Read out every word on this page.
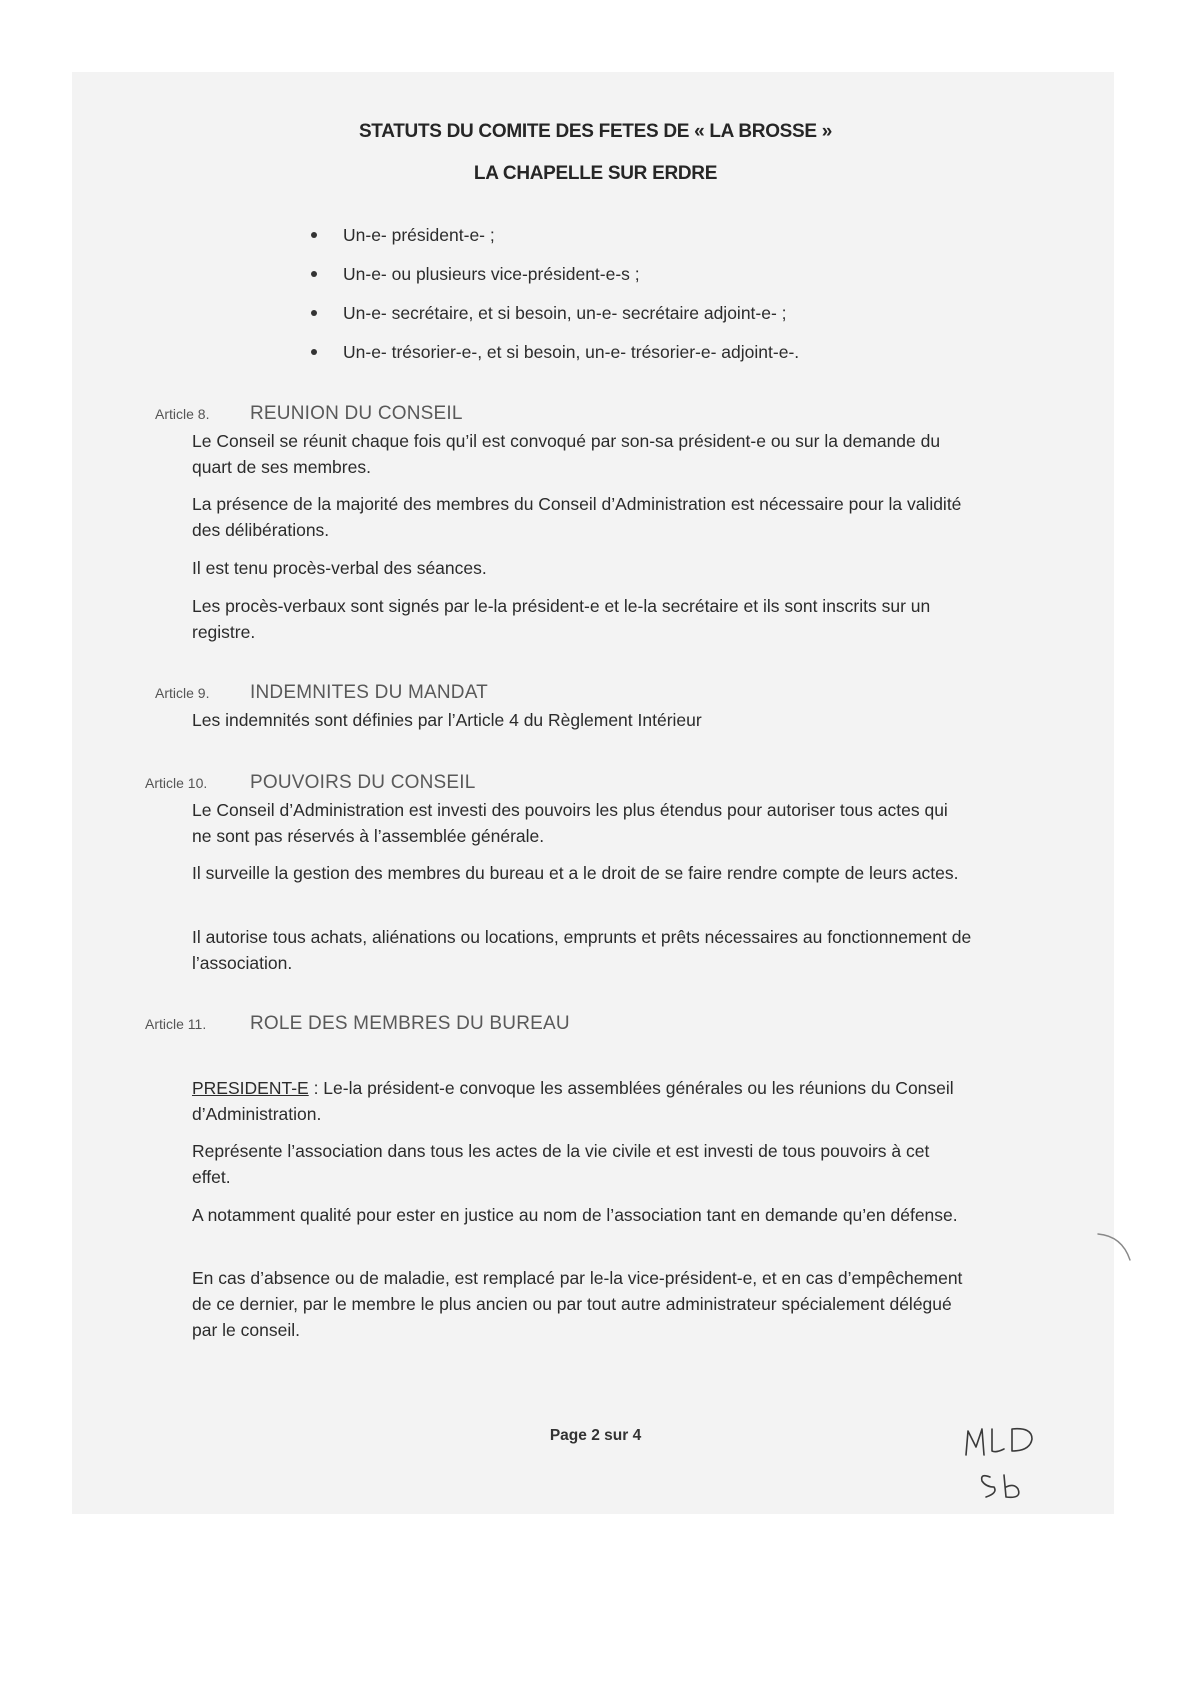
STATUTS DU COMITE DES FETES DE « LA BROSSE »
LA CHAPELLE SUR ERDRE
Un-e- président-e- ;
Un-e- ou plusieurs vice-président-e-s ;
Un-e- secrétaire, et si besoin, un-e- secrétaire adjoint-e- ;
Un-e- trésorier-e-, et si besoin, un-e- trésorier-e- adjoint-e-.
Article 8. REUNION DU CONSEIL

Le Conseil se réunit chaque fois qu’il est convoqué par son-sa président-e ou sur la demande du quart de ses membres.

La présence de la majorité des membres du Conseil d’Administration est nécessaire pour la validité des délibérations.

Il est tenu procès-verbal des séances.

Les procès-verbaux sont signés par le-la président-e et le-la secrétaire et ils sont inscrits sur un registre.

Article 9. INDEMNITES DU MANDAT

Les indemnités sont définies par l’Article 4 du Règlement Intérieur

Article 10. POUVOIRS DU CONSEIL

Le Conseil d’Administration est investi des pouvoirs les plus étendus pour autoriser tous actes qui ne sont pas réservés à l’assemblée générale.

Il surveille la gestion des membres du bureau et a le droit de se faire rendre compte de leurs actes.

Il autorise tous achats, aliénations ou locations, emprunts et prêts nécessaires au fonctionnement de l’association.

Article 11. ROLE DES MEMBRES DU BUREAU

PRESIDENT-E : Le-la président-e convoque les assemblées générales ou les réunions du Conseil d’Administration.

Représente l’association dans tous les actes de la vie civile et est investi de tous pouvoirs à cet effet.

A notamment qualité pour ester en justice au nom de l’association tant en demande qu’en défense.

En cas d’absence ou de maladie, est remplacé par le-la vice-président-e, et en cas d’empêchement de ce dernier, par le membre le plus ancien ou par tout autre administrateur spécialement délégué par le conseil.

Page 2 sur 4
